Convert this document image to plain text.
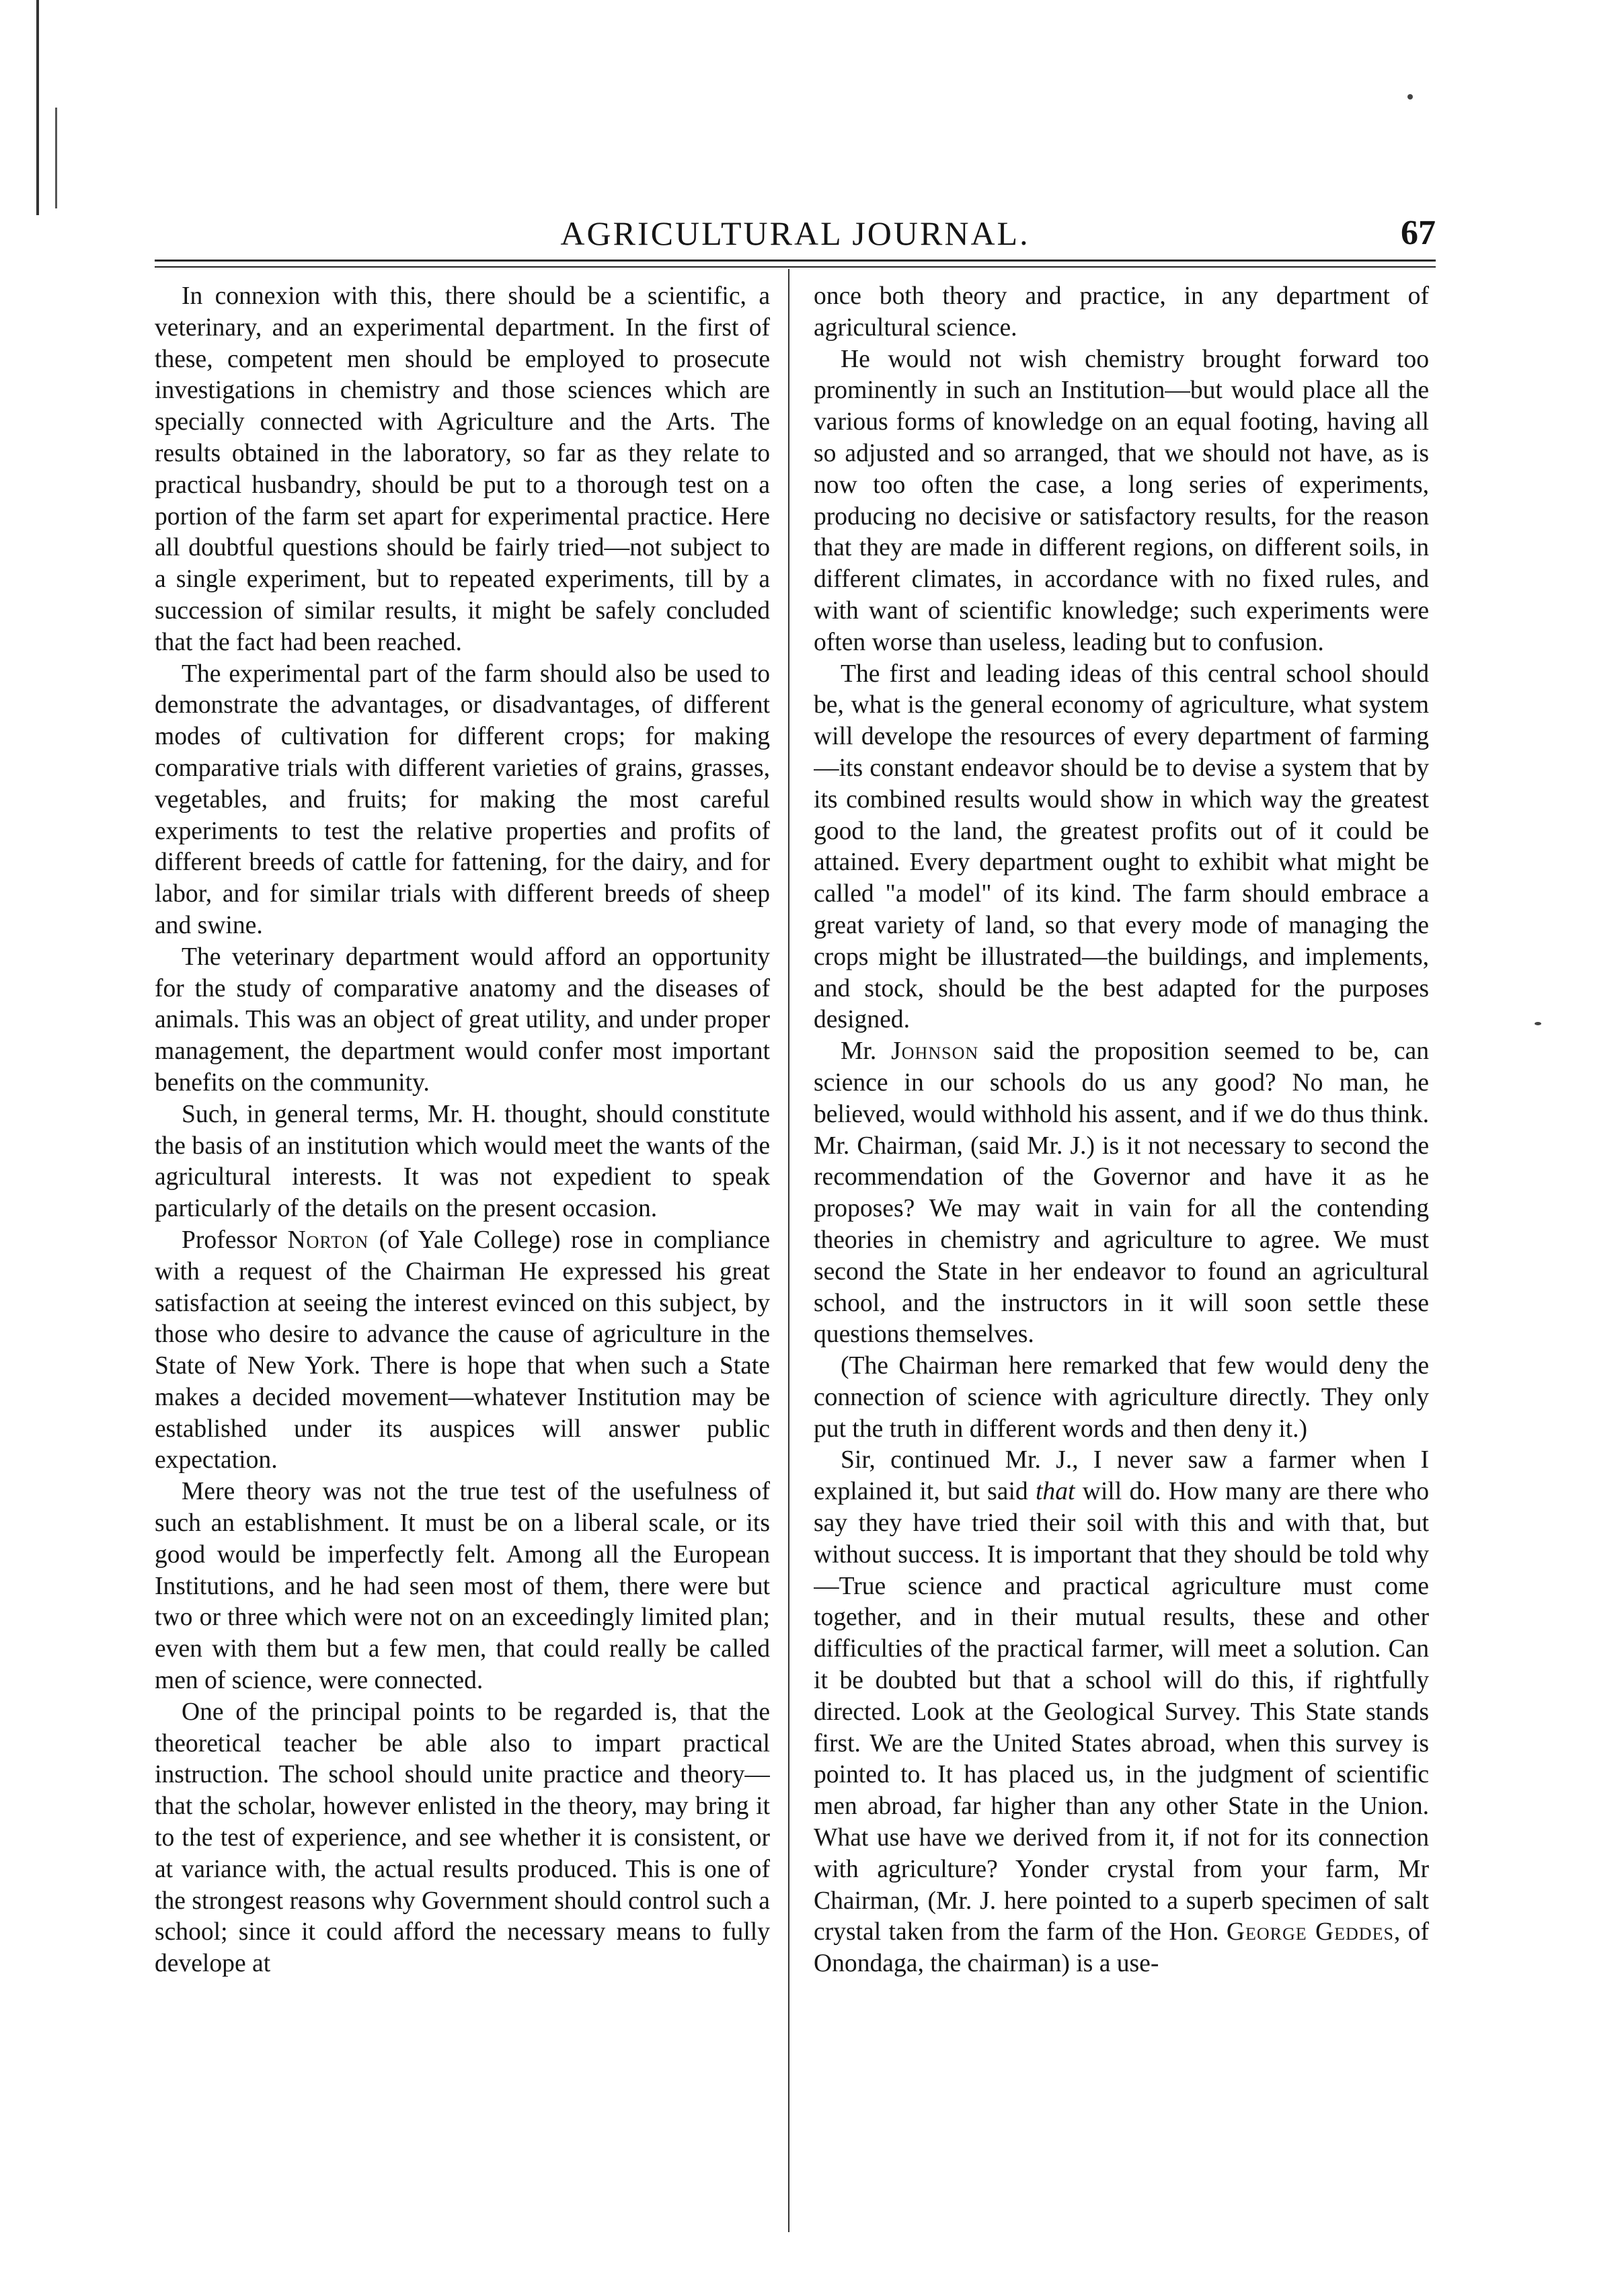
AGRICULTURAL JOURNAL.	67

In connexion with this, there should be a scientific, a veterinary, and an experimental department. In the first of these, competent men should be employed to prosecute investigations in chemistry and those sciences which are specially connected with Agriculture and the Arts. The results obtained in the laboratory, so far as they relate to practical husbandry, should be put to a thorough test on a portion of the farm set apart for experimental practice. Here all doubtful questions should be fairly tried—not subject to a single experiment, but to repeated experiments, till by a succession of similar results, it might be safely concluded that the fact had been reached.

The experimental part of the farm should also be used to demonstrate the advantages, or disadvantages, of different modes of cultivation for different crops; for making comparative trials with different varieties of grains, grasses, vegetables, and fruits; for making the most careful experiments to test the relative properties and profits of different breeds of cattle for fattening, for the dairy, and for labor, and for similar trials with different breeds of sheep and swine.

The veterinary department would afford an opportunity for the study of comparative anatomy and the diseases of animals. This was an object of great utility, and under proper management, the department would confer most important benefits on the community.

Such, in general terms, Mr. H. thought, should constitute the basis of an institution which would meet the wants of the agricultural interests. It was not expedient to speak particularly of the details on the present occasion.

Professor Norton (of Yale College) rose in compliance with a request of the Chairman He expressed his great satisfaction at seeing the interest evinced on this subject, by those who desire to advance the cause of agriculture in the State of New York. There is hope that when such a State makes a decided movement—whatever Institution may be established under its auspices will answer public expectation.

Mere theory was not the true test of the usefulness of such an establishment. It must be on a liberal scale, or its good would be imperfectly felt. Among all the European Institutions, and he had seen most of them, there were but two or three which were not on an exceedingly limited plan; even with them but a few men, that could really be called men of science, were connected.

One of the principal points to be regarded is, that the theoretical teacher be able also to impart practical instruction. The school should unite practice and theory—that the scholar, however enlisted in the theory, may bring it to the test of experience, and see whether it is consistent, or at variance with, the actual results produced. This is one of the strongest reasons why Government should control such a school; since it could afford the necessary means to fully develope at

once both theory and practice, in any department of agricultural science.

He would not wish chemistry brought forward too prominently in such an Institution—but would place all the various forms of knowledge on an equal footing, having all so adjusted and so arranged, that we should not have, as is now too often the case, a long series of experiments, producing no decisive or satisfactory results, for the reason that they are made in different regions, on different soils, in different climates, in accordance with no fixed rules, and with want of scientific knowledge; such experiments were often worse than useless, leading but to confusion.

The first and leading ideas of this central school should be, what is the general economy of agriculture, what system will develope the resources of every department of farming—its constant endeavor should be to devise a system that by its combined results would show in which way the greatest good to the land, the greatest profits out of it could be attained. Every department ought to exhibit what might be called "a model" of its kind. The farm should embrace a great variety of land, so that every mode of managing the crops might be illustrated—the buildings, and implements, and stock, should be the best adapted for the purposes designed.

Mr. Johnson said the proposition seemed to be, can science in our schools do us any good? No man, he believed, would withhold his assent, and if we do thus think. Mr. Chairman, (said Mr. J.) is it not necessary to second the recommendation of the Governor and have it as he proposes? We may wait in vain for all the contending theories in chemistry and agriculture to agree. We must second the State in her endeavor to found an agricultural school, and the instructors in it will soon settle these questions themselves.

(The Chairman here remarked that few would deny the connection of science with agriculture directly. They only put the truth in different words and then deny it.)

Sir, continued Mr. J., I never saw a farmer when I explained it, but said that will do. How many are there who say they have tried their soil with this and with that, but without success. It is important that they should be told why—True science and practical agriculture must come together, and in their mutual results, these and other difficulties of the practical farmer, will meet a solution. Can it be doubted but that a school will do this, if rightfully directed. Look at the Geological Survey. This State stands first. We are the United States abroad, when this survey is pointed to. It has placed us, in the judgment of scientific men abroad, far higher than any other State in the Union. What use have we derived from it, if not for its connection with agriculture? Yonder crystal from your farm, Mr Chairman, (Mr. J. here pointed to a superb specimen of salt crystal taken from the farm of the Hon. George Geddes, of Onondaga, the chairman) is a use-
